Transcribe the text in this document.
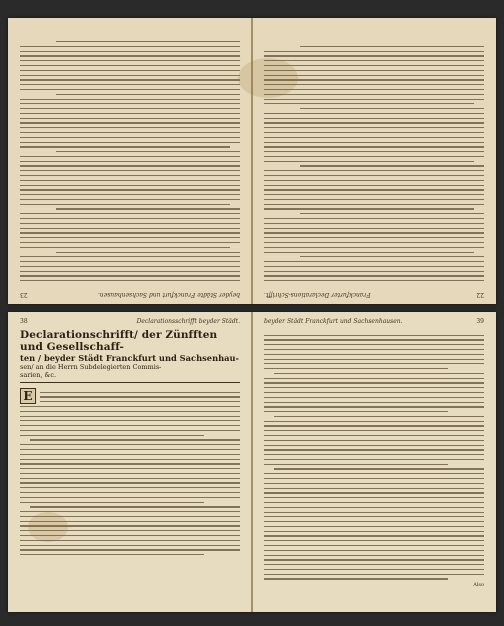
beyder Städte Franckfurt und Sachsenhausen.
23	22
Franckfurter Declarations-Schrifft.
38	Declarationsschrifft beyder Städt.
Declarationschrifft/ der Zünfften und Gesellschaff-
ten / beyder Städt Franckfurt und Sachsenhau-
sen/ an die Herrn Subdelegierten Commis-
sarien, &c.
E
beyder Städt Franckfurt und Sachsenhausen.	39
Also
